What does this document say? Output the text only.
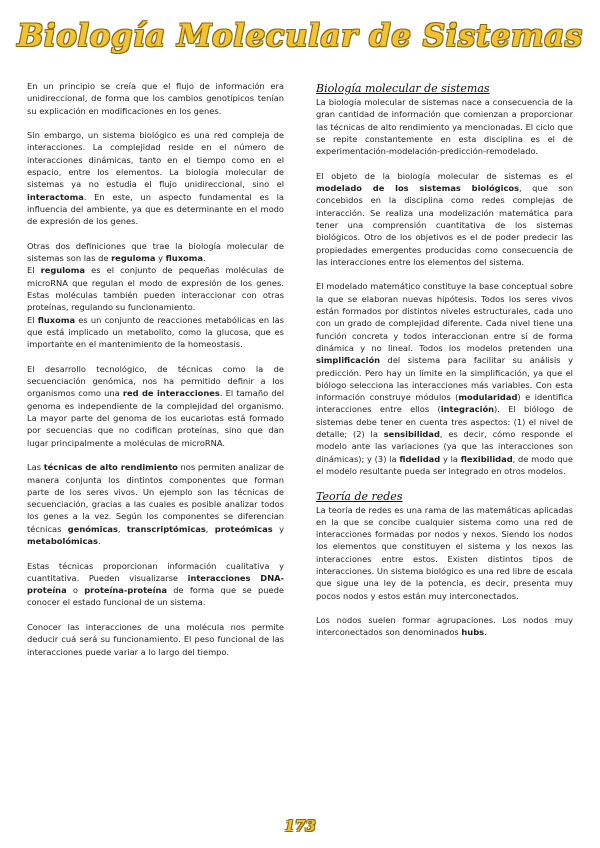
Biología Molecular de Sistemas

En un principio se creía que el flujo de información era unidireccional, de forma que los cambios genotípicos tenían su explicación en modificaciones en los genes.

Sin embargo, un sistema biológico es una red compleja de interacciones. La complejidad reside en el número de interacciones dinámicas, tanto en el tiempo como en el espacio, entre los elementos. La biología molecular de sistemas ya no estudia el flujo unidireccional, sino el interactoma. En este, un aspecto fundamental es la influencia del ambiente, ya que es determinante en el modo de expresión de los genes.

Otras dos definiciones que trae la biología molecular de sistemas son las de reguloma y fluxoma.

El reguloma es el conjunto de pequeñas moléculas de microRNA que regulan el modo de expresión de los genes. Estas moléculas también pueden interaccionar con otras proteínas, regulando su funcionamiento.

El fluxoma es un conjunto de reacciones metabólicas en las que está implicado un metabolito, como la glucosa, que es importante en el mantenimiento de la homeostasis.

El desarrollo tecnológico, de técnicas como la de secuenciación genómica, nos ha permitido definir a los organismos como una red de interacciones. El tamaño del genoma es independiente de la complejidad del organismo. La mayor parte del genoma de los eucariotas está formado por secuencias que no codifican proteínas, sino que dan lugar principalmente a moléculas de microRNA.

Las técnicas de alto rendimiento nos permiten analizar de manera conjunta los dintintos componentes que forman parte de los seres vivos. Un ejemplo son las técnicas de secuenciación, gracias a las cuales es posible analizar todos los genes a la vez. Según los componentes se diferencian técnicas genómicas, transcriptómicas, proteómicas y metabolómicas.

Estas técnicas proporcionan información cualitativa y cuantitativa. Pueden visualizarse interacciones DNA-proteína o proteína-proteína de forma que se puede conocer el estado funcional de un sistema.

Conocer las interacciones de una molécula nos permite deducir cuá será su funcionamiento. El peso funcional de las interacciones puede variar a lo largo del tiempo.

Biología molecular de sistemas

La biología molecular de sistemas nace a consecuencia de la gran cantidad de información que comienzan a proporcionar las técnicas de alto rendimiento ya mencionadas. El ciclo que se repite constantemente en esta disciplina es el de experimentación-modelación-predicción-remodelado.

El objeto de la biología molecular de sistemas es el modelado de los sistemas biológicos, que son concebidos en la disciplina como redes complejas de interacción. Se realiza una modelización matemática para tener una comprensión cuantitativa de los sistemas biológicos. Otro de los objetivos es el de poder predecir las propiedades emergentes producidas como consecuencia de las interacciones entre los elementos del sistema.

El modelado matemático constituye la base conceptual sobre la que se elaboran nuevas hipótesis. Todos los seres vivos están formados por distintos niveles estructurales, cada uno con un grado de complejidad diferente. Cada nivel tiene una función concreta y todos interaccionan entre sí de forma dinámica y no lineal. Todos los modelos pretenden una simplificación del sistema para facilitar su análisis y predicción. Pero hay un límite en la simplificación, ya que el biólogo selecciona las interacciones más variables. Con esta información construye módulos (modularidad) e identifica interacciones entre ellos (integración). El biólogo de sistemas debe tener en cuenta tres aspectos: (1) el nivel de detalle; (2) la sensibilidad, es decir, cómo responde el modelo ante las variaciones (ya que las interacciones son dinámicas); y (3) la fidelidad y la flexibilidad, de modo que el modelo resultante pueda ser integrado en otros modelos.

Teoría de redes

La teoría de redes es una rama de las matemáticas aplicadas en la que se concibe cualquier sistema como una red de interacciones formadas por nodos y nexos. Siendo los nodos los elementos que constituyen el sistema y los nexos las interacciones entre estos. Existen distintos tipos de interacciones. Un sistema biológico es una red libre de escala que sigue una ley de la potencia, es decir, presenta muy pocos nodos y estos están muy interconectados.

Los nodos suelen formar agrupaciones. Los nodos muy interconectados son denominados hubs.

173
